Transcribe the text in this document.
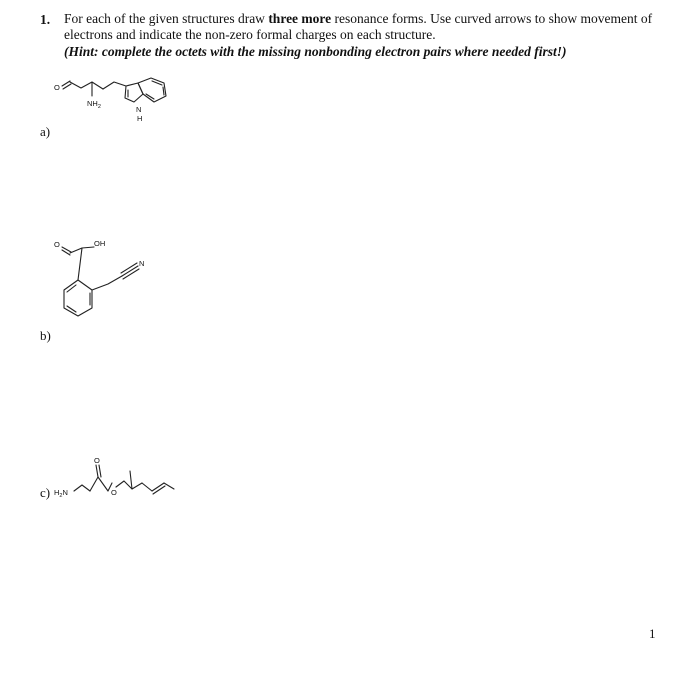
1. For each of the given structures draw three more resonance forms. Use curved arrows to show movement of electrons and indicate the non-zero formal charges on each structure.
(Hint: complete the octets with the missing nonbonding electron pairs where needed first!)
a)
O
$NH_2$	N
H
b)
O	OH
N
c) $H_2N$
O
O
1
